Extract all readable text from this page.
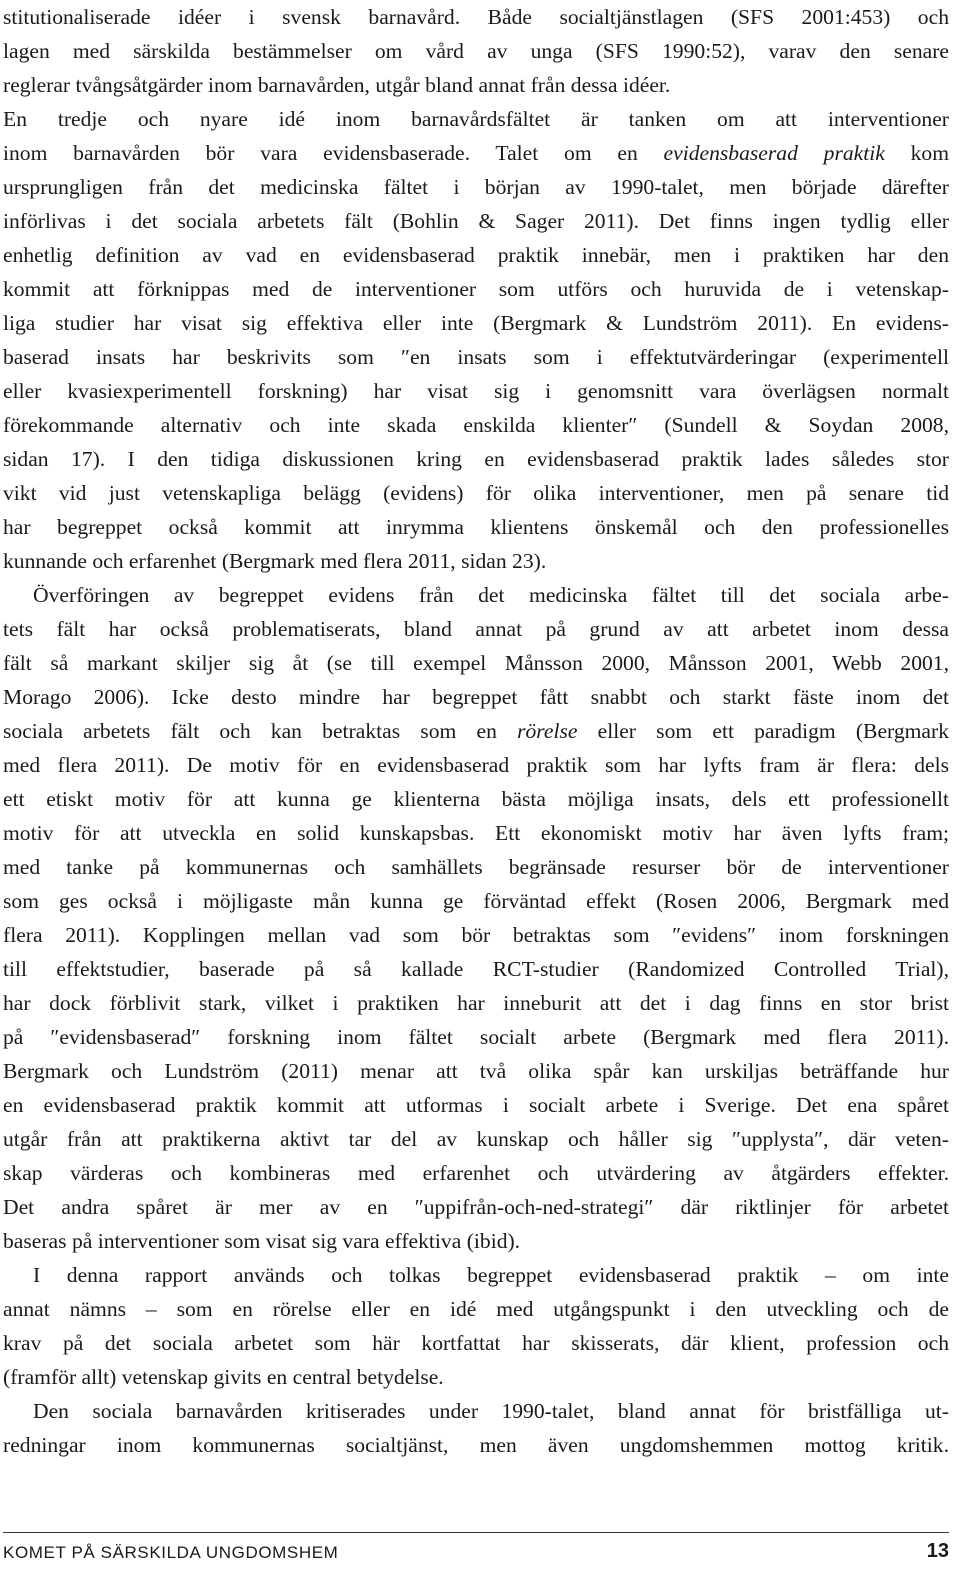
stitutionaliserade idéer i svensk barnavård. Både socialtjänstlagen (SFS 2001:453) och
lagen med särskilda bestämmelser om vård av unga (SFS 1990:52), varav den senare
reglerar tvångsåtgärder inom barnavården, utgår bland annat från dessa idéer.
En tredje och nyare idé inom barnavårdsfältet är tanken om att interventioner
inom barnavården bör vara evidensbaserade. Talet om en evidensbaserad praktik kom
ursprungligen från det medicinska fältet i början av 1990-talet, men började därefter
införlivas i det sociala arbetets fält (Bohlin & Sager 2011). Det finns ingen tydlig eller
enhetlig definition av vad en evidensbaserad praktik innebär, men i praktiken har den
kommit att förknippas med de interventioner som utförs och huruvida de i vetenskap-
liga studier har visat sig effektiva eller inte (Bergmark & Lundström 2011). En evidens-
baserad insats har beskrivits som ″en insats som i effektutvärderingar (experimentell
eller kvasiexperimentell forskning) har visat sig i genomsnitt vara överlägsen normalt
förekommande alternativ och inte skada enskilda klienter″ (Sundell & Soydan 2008,
sidan 17). I den tidiga diskussionen kring en evidensbaserad praktik lades således stor
vikt vid just vetenskapliga belägg (evidens) för olika interventioner, men på senare tid
har begreppet också kommit att inrymma klientens önskemål och den professionelles
kunnande och erfarenhet (Bergmark med flera 2011, sidan 23).
Överföringen av begreppet evidens från det medicinska fältet till det sociala arbe-
tets fält har också problematiserats, bland annat på grund av att arbetet inom dessa
fält så markant skiljer sig åt (se till exempel Månsson 2000, Månsson 2001, Webb 2001,
Morago 2006). Icke desto mindre har begreppet fått snabbt och starkt fäste inom det
sociala arbetets fält och kan betraktas som en rörelse eller som ett paradigm (Bergmark
med flera 2011). De motiv för en evidensbaserad praktik som har lyfts fram är flera: dels
ett etiskt motiv för att kunna ge klienterna bästa möjliga insats, dels ett professionellt
motiv för att utveckla en solid kunskapsbas. Ett ekonomiskt motiv har även lyfts fram;
med tanke på kommunernas och samhällets begränsade resurser bör de interventioner
som ges också i möjligaste mån kunna ge förväntad effekt (Rosen 2006, Bergmark med
flera 2011). Kopplingen mellan vad som bör betraktas som ″evidens″ inom forskningen
till effektstudier, baserade på så kallade RCT-studier (Randomized Controlled Trial),
har dock förblivit stark, vilket i praktiken har inneburit att det i dag finns en stor brist
på ″evidensbaserad″ forskning inom fältet socialt arbete (Bergmark med flera 2011).
Bergmark och Lundström (2011) menar att två olika spår kan urskiljas beträffande hur
en evidensbaserad praktik kommit att utformas i socialt arbete i Sverige. Det ena spåret
utgår från att praktikerna aktivt tar del av kunskap och håller sig ″upplysta″, där veten-
skap värderas och kombineras med erfarenhet och utvärdering av åtgärders effekter.
Det andra spåret är mer av en ″uppifrån-och-ned-strategi″ där riktlinjer för arbetet
baseras på interventioner som visat sig vara effektiva (ibid).
I denna rapport används och tolkas begreppet evidensbaserad praktik – om inte
annat nämns – som en rörelse eller en idé med utgångspunkt i den utveckling och de
krav på det sociala arbetet som här kortfattat har skisserats, där klient, profession och
(framför allt) vetenskap givits en central betydelse.
Den sociala barnavården kritiserades under 1990-talet, bland annat för bristfälliga ut-
redningar inom kommunernas socialtjänst, men även ungdomshemmen mottog kritik.
KOMET PÅ SÄRSKILDA UNGDOMSHEM	13
